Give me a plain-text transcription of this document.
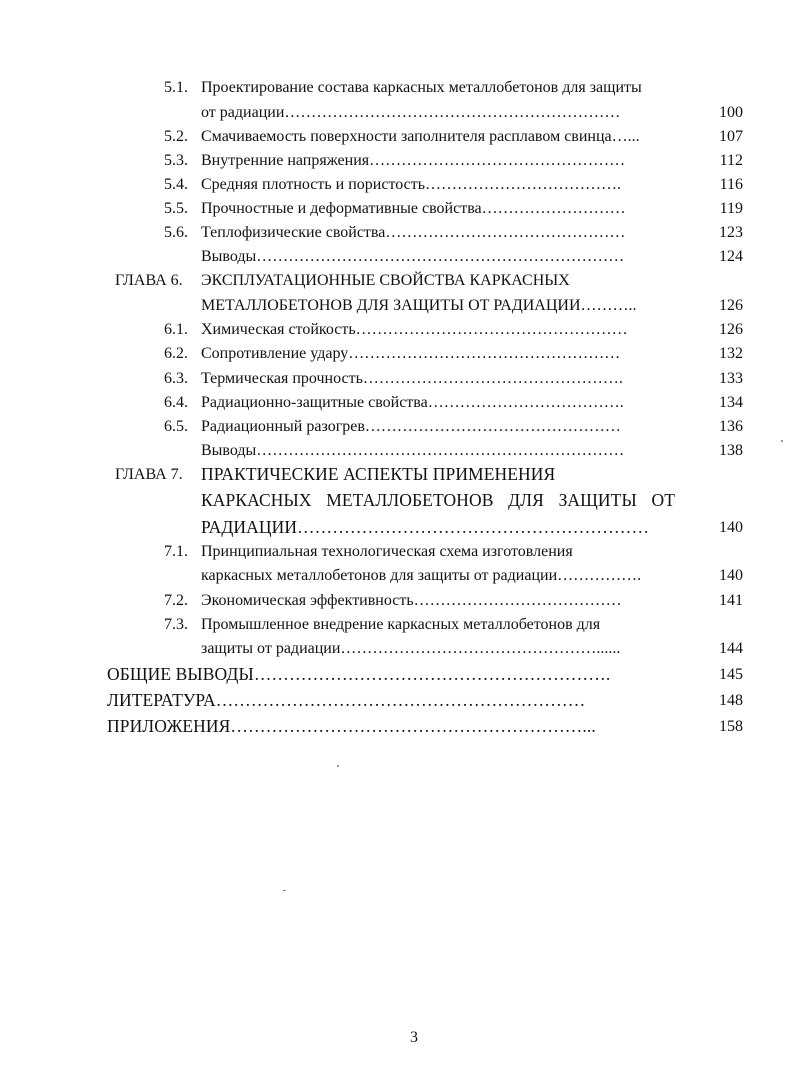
5.1. Проектирование состава каркасных металлобетонов для защиты
от радиации………………………………………………………	100
5.2. Смачиваемость поверхности заполнителя расплавом свинца…...	107
5.3. Внутренние напряжения…………………………………………	112
5.4. Средняя плотность и пористость……………………………….	116
5.5. Прочностные и деформативные свойства………………………	119
5.6. Теплофизические свойства………………………………………	123
Выводы……………………………………………………………	124
ГЛАВА 6. ЭКСПЛУАТАЦИОННЫЕ СВОЙСТВА КАРКАСНЫХ
МЕТАЛЛОБЕТОНОВ ДЛЯ ЗАЩИТЫ ОТ РАДИАЦИИ………..	126
6.1. Химическая стойкость……………………………………………	126
6.2. Сопротивление удару……………………………………………	132
6.3. Термическая прочность………………………………………….	133
6.4. Радиационно-защитные свойства……………………………….	134
6.5. Радиационный разогрев…………………………………………	136
Выводы……………………………………………………………	138
ГЛАВА 7. ПРАКТИЧЕСКИЕ АСПЕКТЫ ПРИМЕНЕНИЯ
КАРКАСНЫХ МЕТАЛЛОБЕТОНОВ ДЛЯ ЗАЩИТЫ ОТ
РАДИАЦИИ……………………………………………………	140
7.1. Принципиальная технологическая схема изготовления
каркасных металлобетонов для защиты от радиации…………….	140
7.2. Экономическая эффективность…………………………………	141
7.3. Промышленное внедрение каркасных металлобетонов для
защиты от радиации…………………………………………......	144
ОБЩИЕ ВЫВОДЫ…………………………………………………….	145
ЛИТЕРАТУРА………………………………………………………	148
ПРИЛОЖЕНИЯ……………………………………………………...	158
3
